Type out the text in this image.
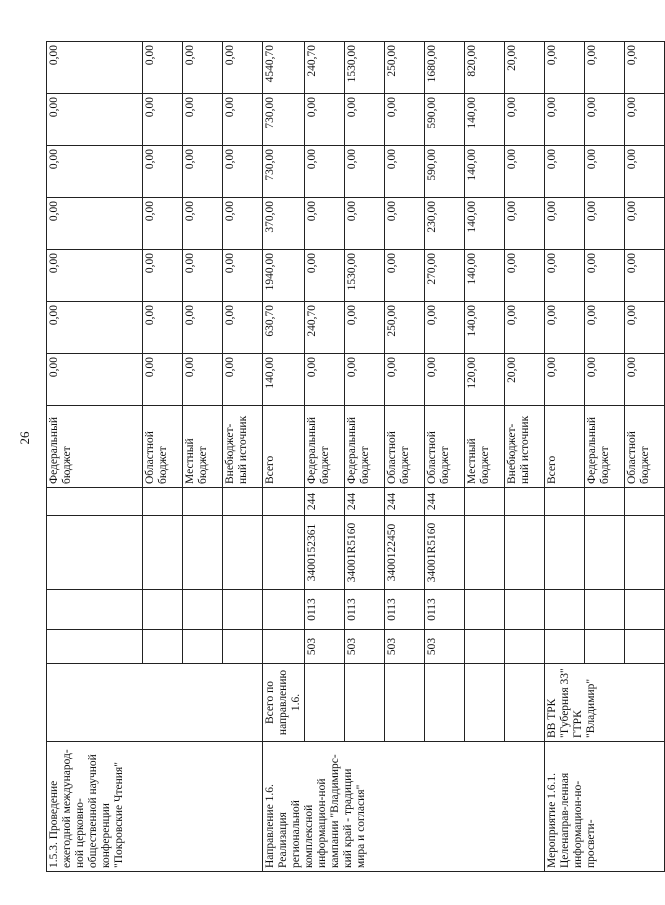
26
1.5.3. Проведение ежегодной международ-ной церковно-общественной научной конференции "Покровские Чтения"						Федеральный бюджет	0,00	0,00	0,00	0,00	0,00	0,00	0,00
						Областной бюджет	0,00	0,00	0,00	0,00	0,00	0,00	0,00
						Местный бюджет	0,00	0,00	0,00	0,00	0,00	0,00	0,00
						Внебюджет-ный источник	0,00	0,00	0,00	0,00	0,00	0,00	0,00
Направление 1.6. Реализация региональной комплексной информацион-ной кампании "Владимирс-кий край - традиции мира и согласия"	Всего по направлению 1.6.					Всего	140,00	630,70	1940,00	370,00	730,00	730,00	4540,70
		503	0113	3400152361	244	Федеральный бюджет	0,00	240,70	0,00	0,00	0,00	0,00	240,70
		503	0113	34001R5160	244	Федеральный бюджет	0,00	0,00	1530,00	0,00	0,00	0,00	1530,00
		503	0113	3400122450	244	Областной бюджет	0,00	250,00	0,00	0,00	0,00	0,00	250,00
		503	0113	34001R5160	244	Областной бюджет	0,00	0,00	270,00	230,00	590,00	590,00	1680,00
						Местный бюджет	120,00	140,00	140,00	140,00	140,00	140,00	820,00
						Внебюджет-ный источник	20,00	0,00	0,00	0,00	0,00	0,00	20,00
Мероприятие 1.6.1. Целенаправ-ленная информацион-но-просвети-	ВВ ТРК "Губерния 33" ГТРК "Владимир"					Всего	0,00	0,00	0,00	0,00	0,00	0,00	0,00
						Федеральный бюджет	0,00	0,00	0,00	0,00	0,00	0,00	0,00
						Областной бюджет	0,00	0,00	0,00	0,00	0,00	0,00	0,00
